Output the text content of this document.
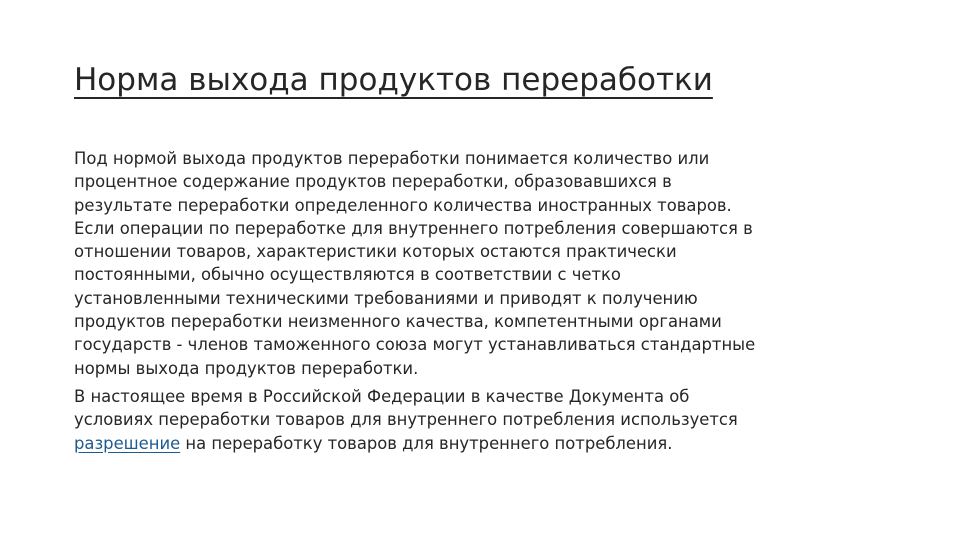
Норма выхода продуктов переработки

Под нормой выхода продуктов переработки понимается количество или
процентное содержание продуктов переработки, образовавшихся в
результате переработки определенного количества иностранных товаров.
Если операции по переработке для внутреннего потребления совершаются в
отношении товаров, характеристики которых остаются практически
постоянными, обычно осуществляются в соответствии с четко
установленными техническими требованиями и приводят к получению
продуктов переработки неизменного качества, компетентными органами
государств - членов таможенного союза могут устанавливаться стандартные
нормы выхода продуктов переработки.

В настоящее время в Российской Федерации в качестве Документа об
условиях переработки товаров для внутреннего потребления используется
разрешение на переработку товаров для внутреннего потребления.
